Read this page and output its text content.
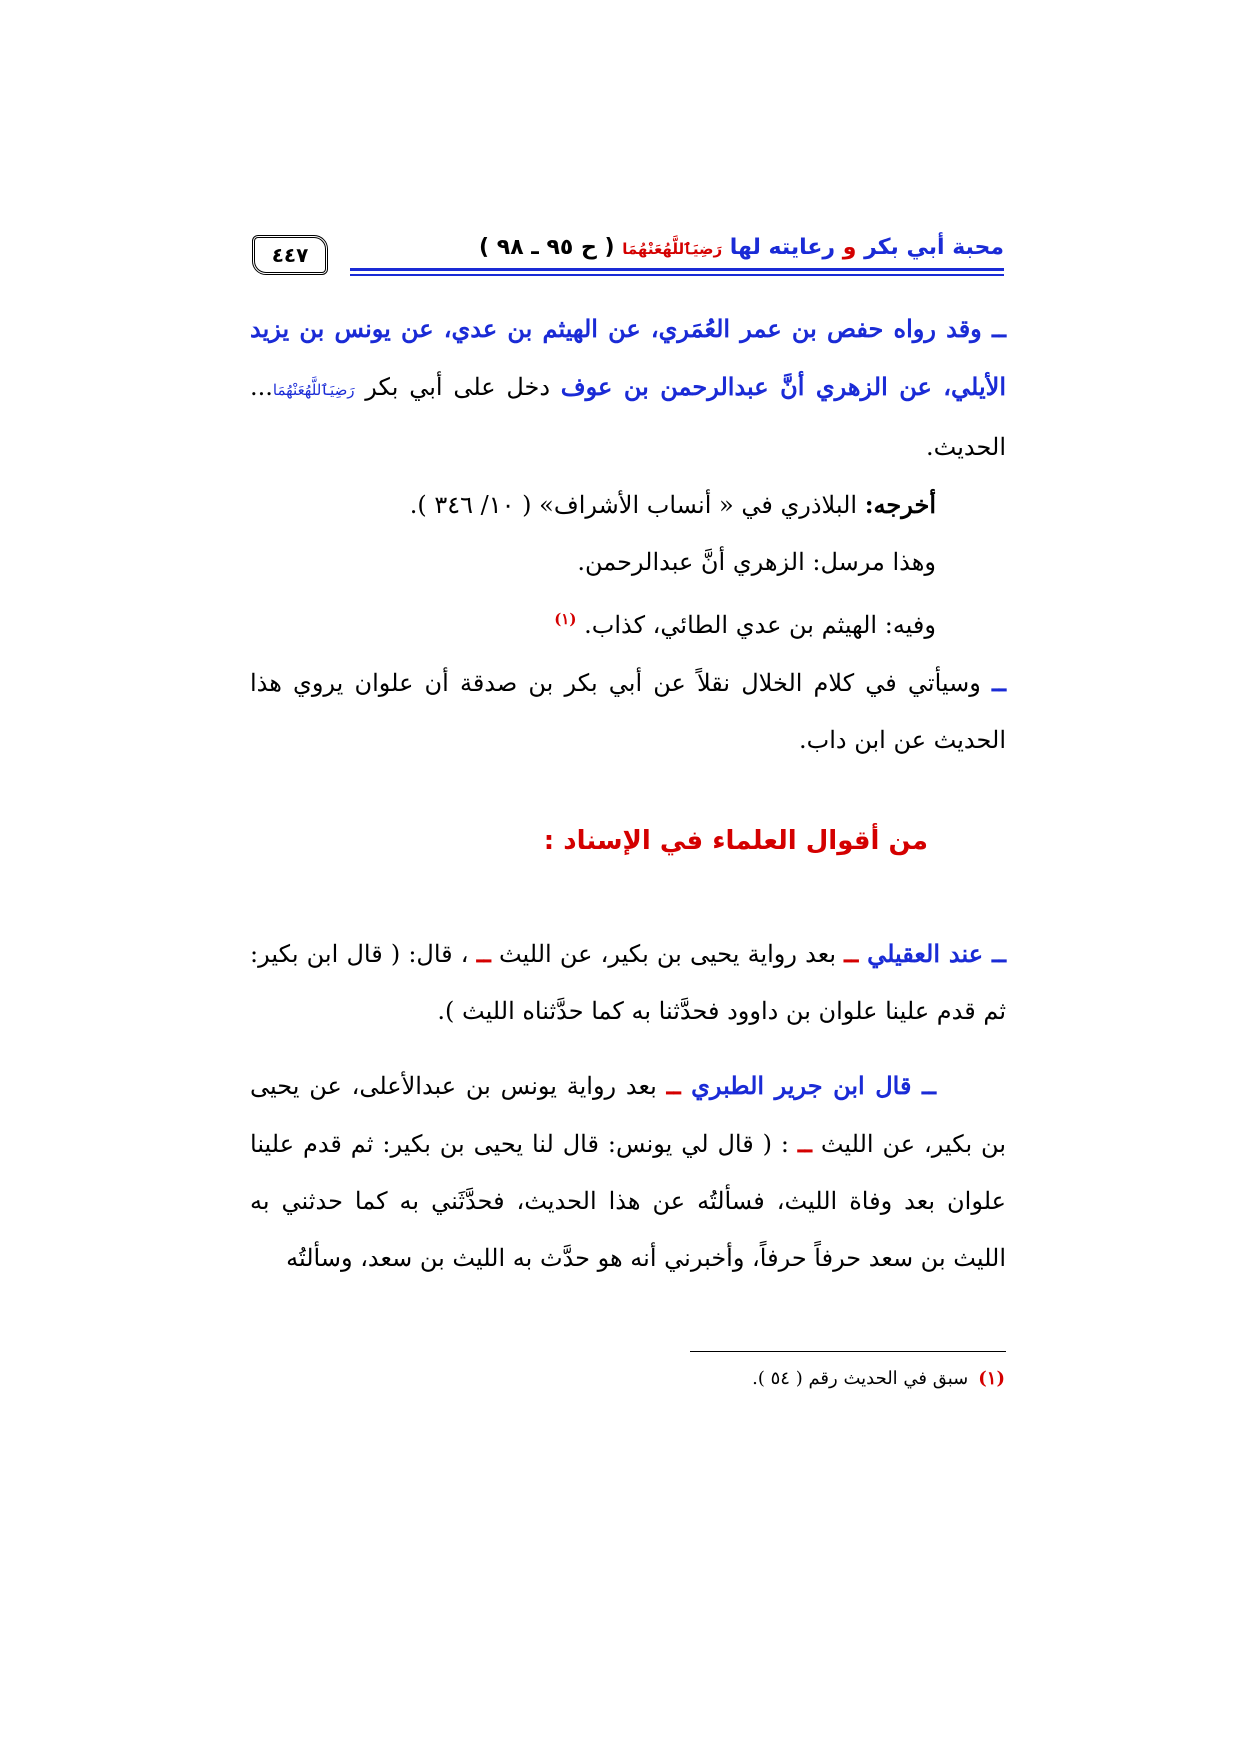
٤٤٧	محبة أبي بكر و رعايته لها رَضِيَٱللَّهُعَنْهُمَا ( ح ٩٥ ـ ٩٨ )

ــ وقد رواه حفص بن عمر العُمَري، عن الهيثم بن عدي، عن يونس بن يزيد الأيلي، عن الزهري أنَّ عبدالرحمن بن عوف دخل على أبي بكر رَضِيَٱللَّهُعَنْهُمَا... الحديث.

أخرجه: البلاذري في « أنساب الأشراف» ( ١٠/ ٣٤٦ ).

وهذا مرسل: الزهري أنَّ عبدالرحمن.

وفيه: الهيثم بن عدي الطائي، كذاب. $^{(١)}$

ــ وسيأتي في كلام الخلال نقلاً عن أبي بكر بن صدقة أن علوان يروي هذا الحديث عن ابن داب.

من أقوال العلماء في الإسناد :

ــ عند العقيلي ــ بعد رواية يحيى بن بكير، عن الليث ــ ، قال: ( قال ابن بكير: ثم قدم علينا علوان بن داوود فحدَّثنا به كما حدَّثناه الليث ).

ــ قال ابن جرير الطبري ــ بعد رواية يونس بن عبدالأعلى، عن يحيى بن بكير، عن الليث ــ : ( قال لي يونس: قال لنا يحيى بن بكير: ثم قدم علينا علوان بعد وفاة الليث، فسألتُه عن هذا الحديث، فحدَّثَني به كما حدثني به الليث بن سعد حرفاً حرفاً، وأخبرني أنه هو حدَّث به الليث بن سعد، وسألتُه

(١)سبق في الحديث رقم ( ٥٤ ).
